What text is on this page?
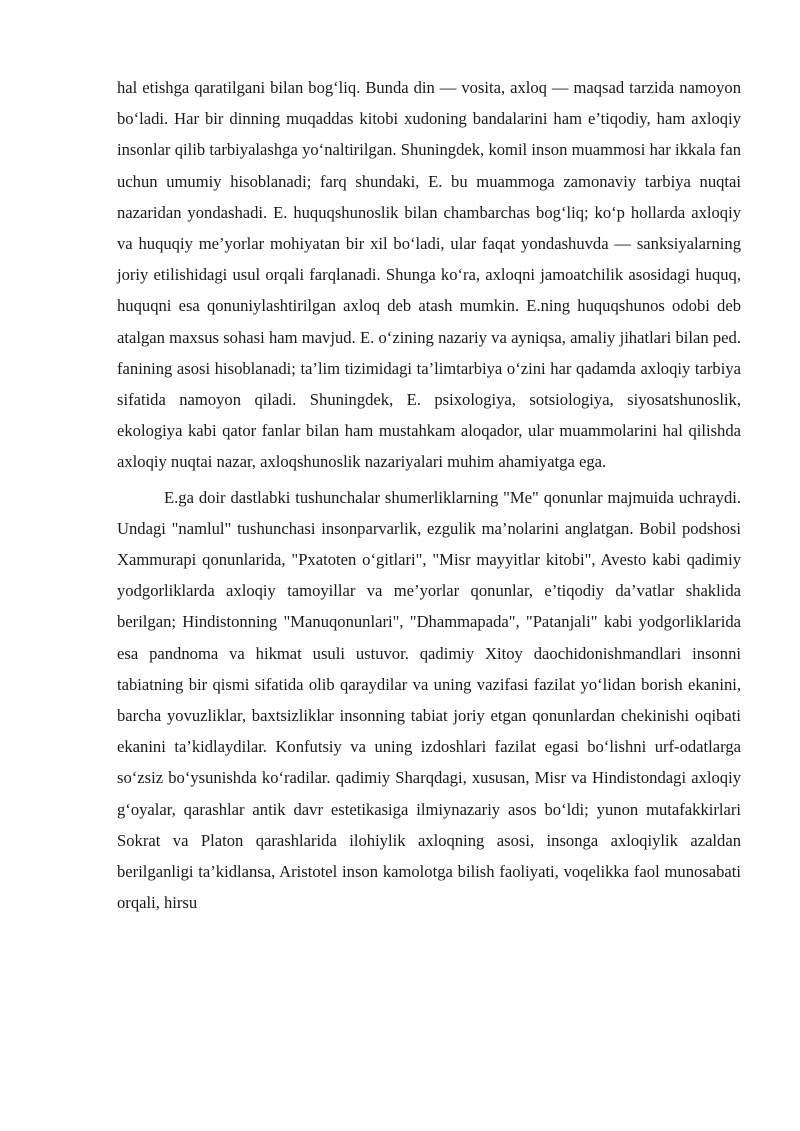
hal etishga qaratilgani bilan bog‘liq. Bunda din — vosita, axloq — maqsad tarzida namoyon bo‘ladi. Har bir dinning muqaddas kitobi xudoning bandalarini ham e’tiqodiy, ham axloqiy insonlar qilib tarbiyalashga yo‘naltirilgan. Shuningdek, komil inson muammosi har ikkala fan uchun umumiy hisoblanadi; farq shundaki, E. bu muammoga zamonaviy tarbiya nuqtai nazaridan yondashadi. E. huquqshunoslik bilan chambarchas bog‘liq; ko‘p hollarda axloqiy va huquqiy me’yorlar mohiyatan bir xil bo‘ladi, ular faqat yondashuvda — sanksiyalarning joriy etilishidagi usul orqali farqlanadi. Shunga ko‘ra, axloqni jamoatchilik asosidagi huquq, huquqni esa qonuniylashtirilgan axloq deb atash mumkin. E.ning huquqshunos odobi deb atalgan maxsus sohasi ham mavjud. E. o‘zining nazariy va ayniqsa, amaliy jihatlari bilan ped. fanining asosi hisoblanadi; ta’lim tizimidagi ta’limtarbiya o‘zini har qadamda axloqiy tarbiya sifatida namoyon qiladi. Shuningdek, E. psixologiya, sotsiologiya, siyosatshunoslik, ekologiya kabi qator fanlar bilan ham mustahkam aloqador, ular muammolarini hal qilishda axloqiy nuqtai nazar, axloqshunoslik nazariyalari muhim ahamiyatga ega.

E.ga doir dastlabki tushunchalar shumerliklarning "Me" qonunlar majmuida uchraydi. Undagi "namlul" tushunchasi insonparvarlik, ezgulik ma’nolarini anglatgan. Bobil podshosi Xammurapi qonunlarida, "Pxatoten o‘gitlari", "Misr mayyitlar kitobi", Avesto kabi qadimiy yodgorliklarda axloqiy tamoyillar va me’yorlar qonunlar, e’tiqodiy da’vatlar shaklida berilgan; Hindistonning "Manuqonunlari", "Dhammapada", "Patanjali" kabi yodgorliklarida esa pandnoma va hikmat usuli ustuvor. qadimiy Xitoy daochidonishmandlari insonni tabiatning bir qismi sifatida olib qaraydilar va uning vazifasi fazilat yo‘lidan borish ekanini, barcha yovuzliklar, baxtsizliklar insonning tabiat joriy etgan qonunlardan chekinishi oqibati ekanini ta’kidlaydilar. Konfutsiy va uning izdoshlari fazilat egasi bo‘lishni urf-odatlarga so‘zsiz bo‘ysunishda ko‘radilar. qadimiy Sharqdagi, xususan, Misr va Hindistondagi axloqiy g‘oyalar, qarashlar antik davr estetikasiga ilmiynazariy asos bo‘ldi; yunon mutafakkirlari Sokrat va Platon qarashlarida ilohiylik axloqning asosi, insonga axloqiylik azaldan berilganligi ta’kidlansa, Aristotel inson kamolotga bilish faoliyati, voqelikka faol munosabati orqali, hirsu
